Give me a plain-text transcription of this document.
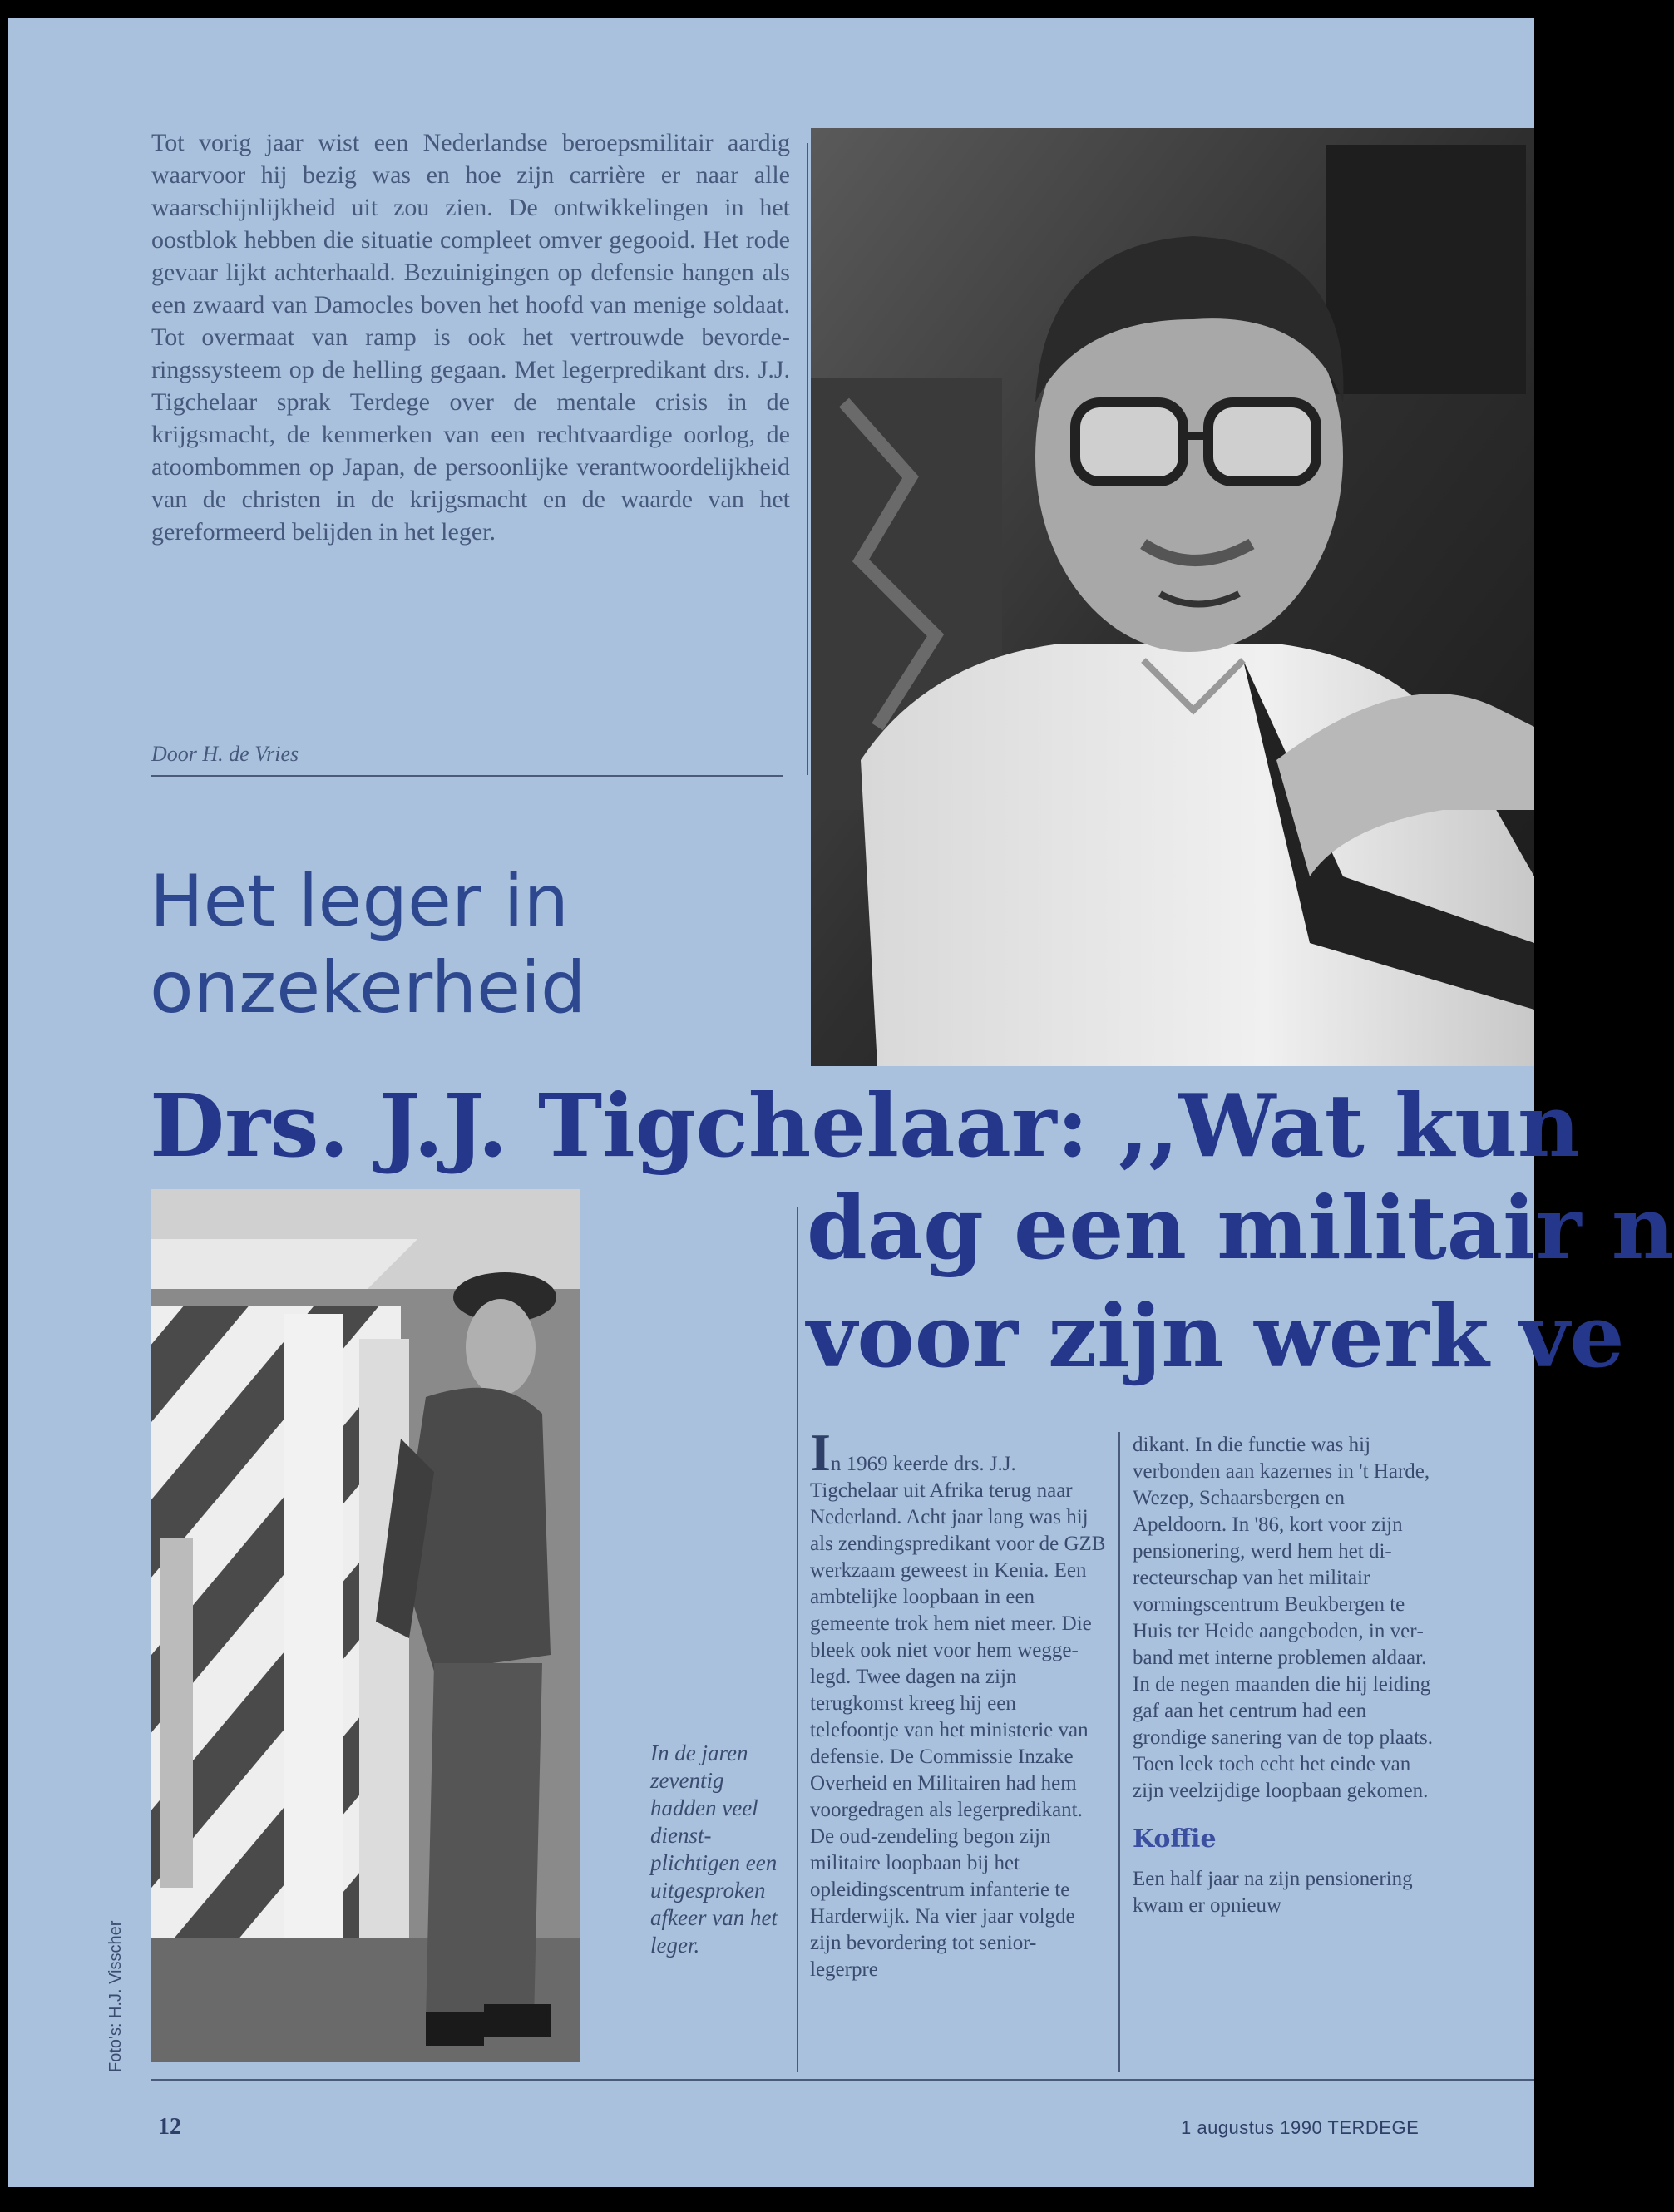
Tot vorig jaar wist een Nederlandse beroepsmilitair aardig waarvoor hij bezig was en hoe zijn carrière er naar alle waarschijnlijkheid uit zou zien. De ontwikkelingen in het oostblok hebben die situatie compleet omver gegooid. Het rode gevaar lijkt achterhaald. Bezuinigingen op defensie hangen als een zwaard van Damocles boven het hoofd van menige soldaat. Tot overmaat van ramp is ook het vertrouwde bevorderingssysteem op de helling gegaan. Met legerpredikant drs. J.J. Tigchelaar sprak Terdege over de mentale crisis in de krijgsmacht, de kenmerken van een rechtvaardige oorlog, de atoombommen op Japan, de persoonlijke verantwoordelijkheid van de christen in de krijgsmacht en de waarde van het gereformeerd belijden in het leger.

Door H. de Vries
Het leger in
onzekerheid
Drs. J.J. Tigchelaar: ,,Wat kun
dag een militair n
voor zijn werk ve
In de jaren zeventig hadden veel dienstplichtigen een uitgesproken afkeer van het leger.
Foto's: H.J. Visscher

In 1969 keerde drs. J.J. Tigchelaar uit Afrika terug naar Nederland. Acht jaar lang was hij als zendingspredikant voor de GZB werkzaam geweest in Kenia. Een ambtelijke loopbaan in een gemeente trok hem niet meer. Die bleek ook niet voor hem weggelegd. Twee dagen na zijn terugkomst kreeg hij een telefoontje van het ministerie van defensie. De Commissie Inzake Overheid en Militairen had hem voorgedragen als legerpredikant. De oud-zendeling begon zijn militaire loopbaan bij het opleidingscentrum infanterie te Harderwijk. Na vier jaar volgde zijn bevordering tot senior-legerpre

dikant. In die functie was hij verbonden aan kazernes in 't Harde, Wezep, Schaarsbergen en Apeldoorn. In '86, kort voor zijn pensionering, werd hem het directeurschap van het militair vormingscentrum Beukbergen te Huis ter Heide aangeboden, in verband met interne problemen aldaar. In de negen maanden die hij leiding gaf aan het centrum had een grondige sanering van de top plaats. Toen leek toch echt het einde van zijn veelzijdige loopbaan gekomen.

Koffie

Een half jaar na zijn pensionering kwam er opnieuw

12	1 augustus 1990 TERDEGE
